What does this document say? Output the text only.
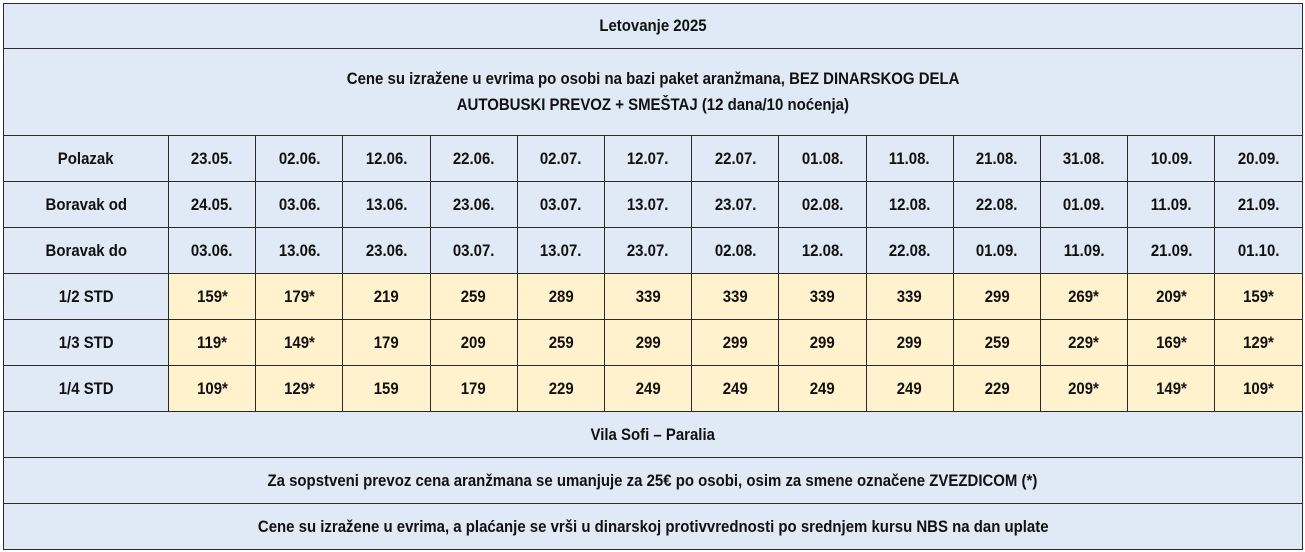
Letovanje 2025													

Cene su izražene u evrima po osobi na bazi paket aranžmana, BEZ DINARSKOG DELA
AUTOBUSKI PREVOZ + SMEŠTAJ (12 dana/10 noćenja)													

Polazak	23.05.	02.06.	12.06.	22.06.	02.07.	12.07.	22.07.	01.08.	11.08.	21.08.	31.08.	10.09.	20.09.
Boravak od	24.05.	03.06.	13.06.	23.06.	03.07.	13.07.	23.07.	02.08.	12.08.	22.08.	01.09.	11.09.	21.09.
Boravak do	03.06.	13.06.	23.06.	03.07.	13.07.	23.07.	02.08.	12.08.	22.08.	01.09.	11.09.	21.09.	01.10.
1/2 STD	159*	179*	219	259	289	339	339	339	339	299	269*	209*	159*
1/3 STD	119*	149*	179	209	259	299	299	299	299	259	229*	169*	129*
1/4 STD	109*	129*	159	179	229	249	249	249	249	229	209*	149*	109*
Vila Sofi – Paralia													
Za sopstveni prevoz cena aranžmana se umanjuje za 25€ po osobi, osim za smene označene ZVEZDICOM (*)													
Cene su izražene u evrima, a plaćanje se vrši u dinarskoj protivvrednosti po srednjem kursu NBS na dan uplate													
